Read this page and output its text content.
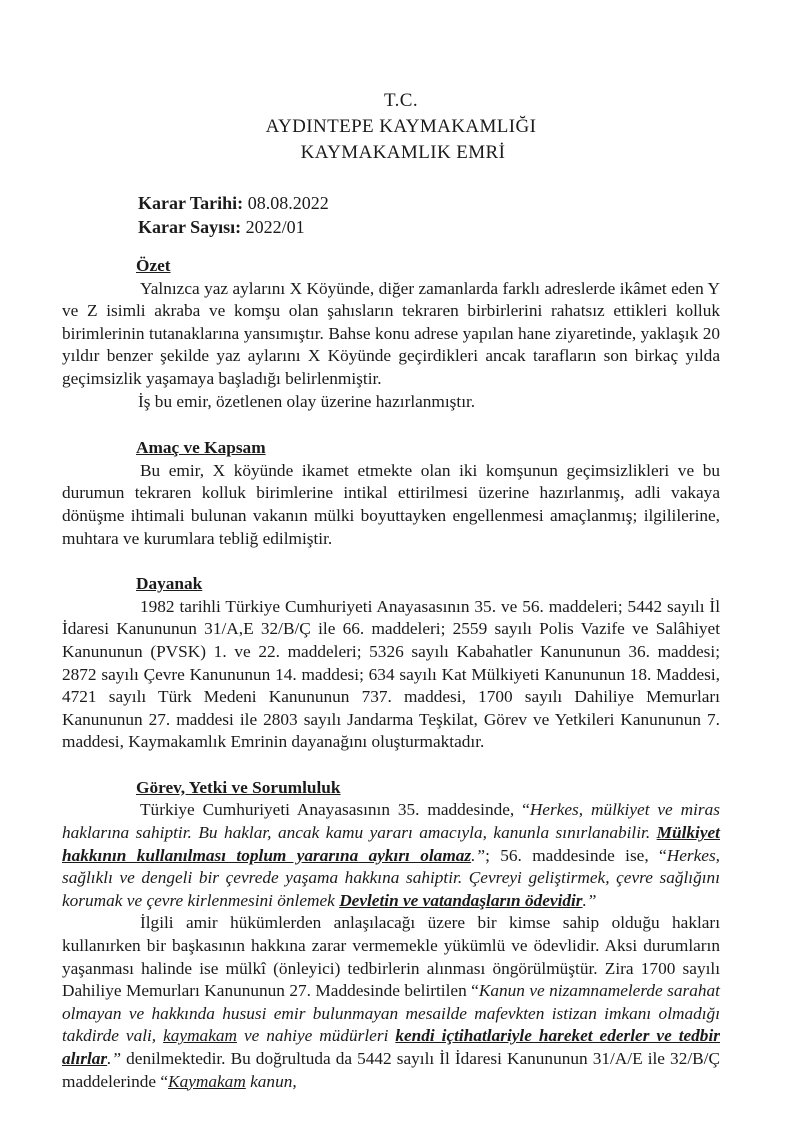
T.C.
AYDINTEPE KAYMAKAMLIĞI
KAYMAKAMLIK EMRİ
Karar Tarihi: 08.08.2022
Karar Sayısı: 2022/01
Özet
Yalnızca yaz aylarını X Köyünde, diğer zamanlarda farklı adreslerde ikâmet eden Y ve Z isimli akraba ve komşu olan şahısların tekraren birbirlerini rahatsız ettikleri kolluk birimlerinin tutanaklarına yansımıştır. Bahse konu adrese yapılan hane ziyaretinde, yaklaşık 20 yıldır benzer şekilde yaz aylarını X Köyünde geçirdikleri ancak tarafların son birkaç yılda geçimsizlik yaşamaya başladığı belirlenmiştir.
İş bu emir, özetlenen olay üzerine hazırlanmıştır.
Amaç ve Kapsam
Bu emir, X köyünde ikamet etmekte olan iki komşunun geçimsizlikleri ve bu durumun tekraren kolluk birimlerine intikal ettirilmesi üzerine hazırlanmış, adli vakaya dönüşme ihtimali bulunan vakanın mülki boyuttayken engellenmesi amaçlanmış; ilgililerine, muhtara ve kurumlara tebliğ edilmiştir.
Dayanak
1982 tarihli Türkiye Cumhuriyeti Anayasasının 35. ve 56. maddeleri; 5442 sayılı İl İdaresi Kanununun 31/A,E 32/B/Ç ile 66. maddeleri; 2559 sayılı Polis Vazife ve Salâhiyet Kanununun (PVSK) 1. ve 22. maddeleri; 5326 sayılı Kabahatler Kanununun 36. maddesi; 2872 sayılı Çevre Kanununun 14. maddesi; 634 sayılı Kat Mülkiyeti Kanununun 18. Maddesi, 4721 sayılı Türk Medeni Kanununun 737. maddesi, 1700 sayılı Dahiliye Memurları Kanununun 27. maddesi ile 2803 sayılı Jandarma Teşkilat, Görev ve Yetkileri Kanununun 7. maddesi, Kaymakamlık Emrinin dayanağını oluşturmaktadır.
Görev, Yetki ve Sorumluluk
Türkiye Cumhuriyeti Anayasasının 35. maddesinde, “Herkes, mülkiyet ve miras haklarına sahiptir. Bu haklar, ancak kamu yararı amacıyla, kanunla sınırlanabilir. Mülkiyet hakkının kullanılması toplum yararına aykırı olamaz.”; 56. maddesinde ise, “Herkes, sağlıklı ve dengeli bir çevrede yaşama hakkına sahiptir. Çevreyi geliştirmek, çevre sağlığını korumak ve çevre kirlenmesini önlemek Devletin ve vatandaşların ödevidir.”
İlgili amir hükümlerden anlaşılacağı üzere bir kimse sahip olduğu hakları kullanırken bir başkasının hakkına zarar vermemekle yükümlü ve ödevlidir. Aksi durumların yaşanması halinde ise mülkî (önleyici) tedbirlerin alınması öngörülmüştür. Zira 1700 sayılı Dahiliye Memurları Kanununun 27. Maddesinde belirtilen “Kanun ve nizamnamelerde sarahat olmayan ve hakkında hususi emir bulunmayan mesailde mafevkten istizan imkanı olmadığı takdirde vali, kaymakam ve nahiye müdürleri kendi içtihatlariyle hareket ederler ve tedbir alırlar.” denilmektedir. Bu doğrultuda da 5442 sayılı İl İdaresi Kanununun 31/A/E ile 32/B/Ç maddelerinde “Kaymakam kanun,
